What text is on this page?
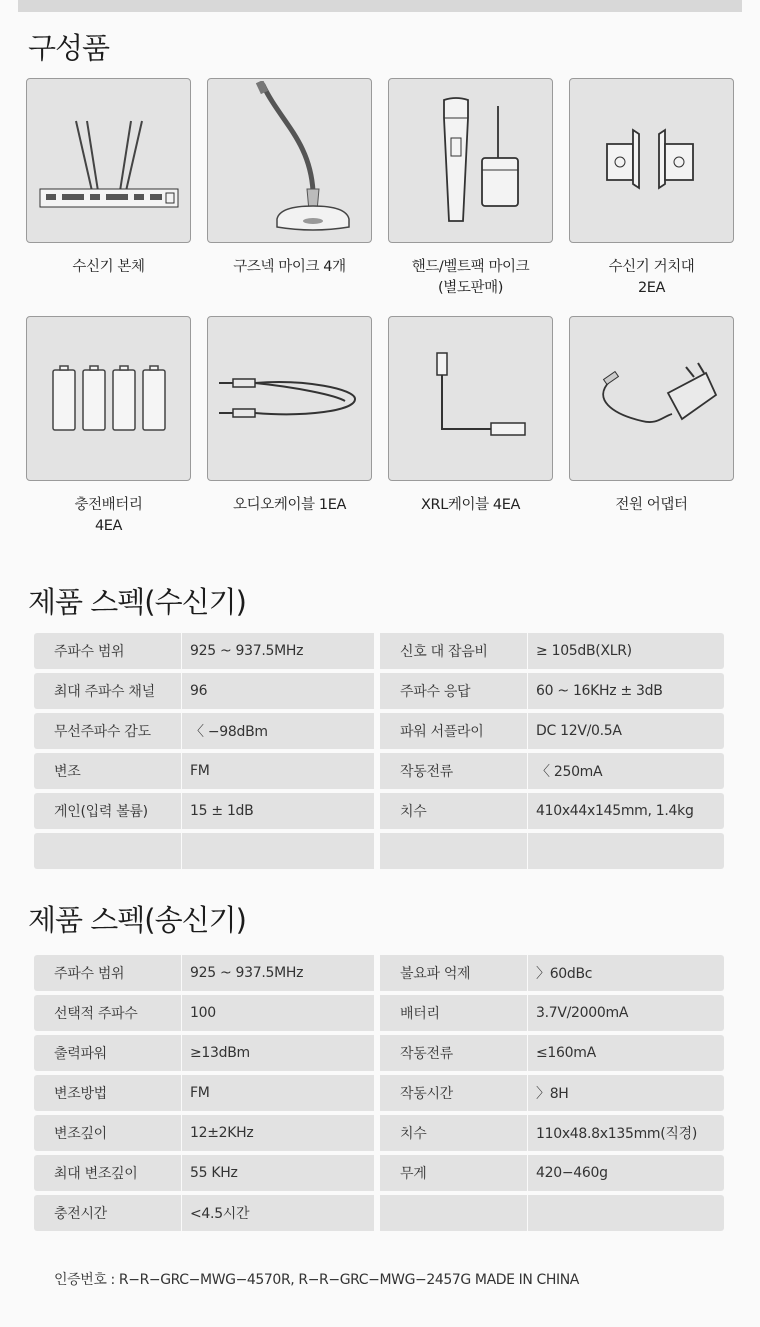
구성품
수신기 본체	구즈넥 마이크 4개	핸드/벨트팩 마이크
(별도판매)
수신기 거치대
2EA
충전배터리
4EA
오디오케이블 1EA	XRL케이블 4EA	전원 어댑터
제품 스펙(수신기)
주파수 범위	925 ~ 937.5MHz	신호 대 잡음비	≥ 105dB(XLR)
최대 주파수 채널	96	주파수 응답	60 ~ 16KHz ± 3dB
무선주파수 감도	〈 −98dBm	파워 서플라이	DC 12V/0.5A
변조	FM	작동전류	〈 250mA
게인(입력 볼륨)	15 ± 1dB	치수	410x44x145mm, 1.4kg
제품 스펙(송신기)
주파수 범위	925 ~ 937.5MHz	불요파 억제	〉60dBc
선택적 주파수	100	배터리	3.7V/2000mA
출력파워	≥13dBm	작동전류	≤160mA
변조방법	FM	작동시간	〉8H
변조깊이	12±2KHz	치수	110x48.8x135mm(직경)
최대 변조깊이	55 KHz	무게	420−460g
충전시간	<4.5시간
인증번호 : R−R−GRC−MWG−4570R, R−R−GRC−MWG−2457G MADE IN CHINA
